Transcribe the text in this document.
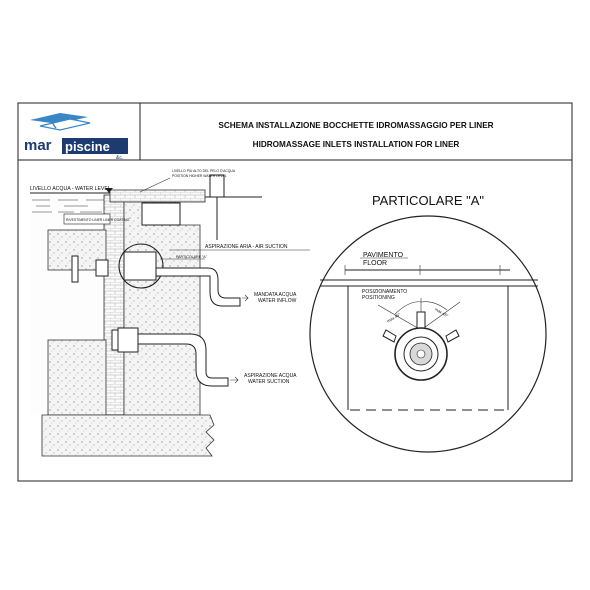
mar piscine
&c.
SCHEMA INSTALLAZIONE BOCCHETTE IDROMASSAGGIO PER LINER
HIDROMASSAGE INLETS INSTALLATION FOR LINER
LIVELLO ACQUA - WATER LEVEL
RIVESTIMENTO LINER LINER COATING
LIVELLO PIU ALTO DEL PELO D'ACQUA
POSITION HIGHER WATER LEVEL
ASPIRAZIONE ARIA - AIR SUCTION
PARTICOLARE "A"
MANDATA ACQUA
WATER INFLOW
ASPIRAZIONE ACQUA
WATER SUCTION
PARTICOLARE "A"
PAVIMENTO
FLOOR
POSIZIONAMENTO
POSITIONING
max 45°	max 45°
